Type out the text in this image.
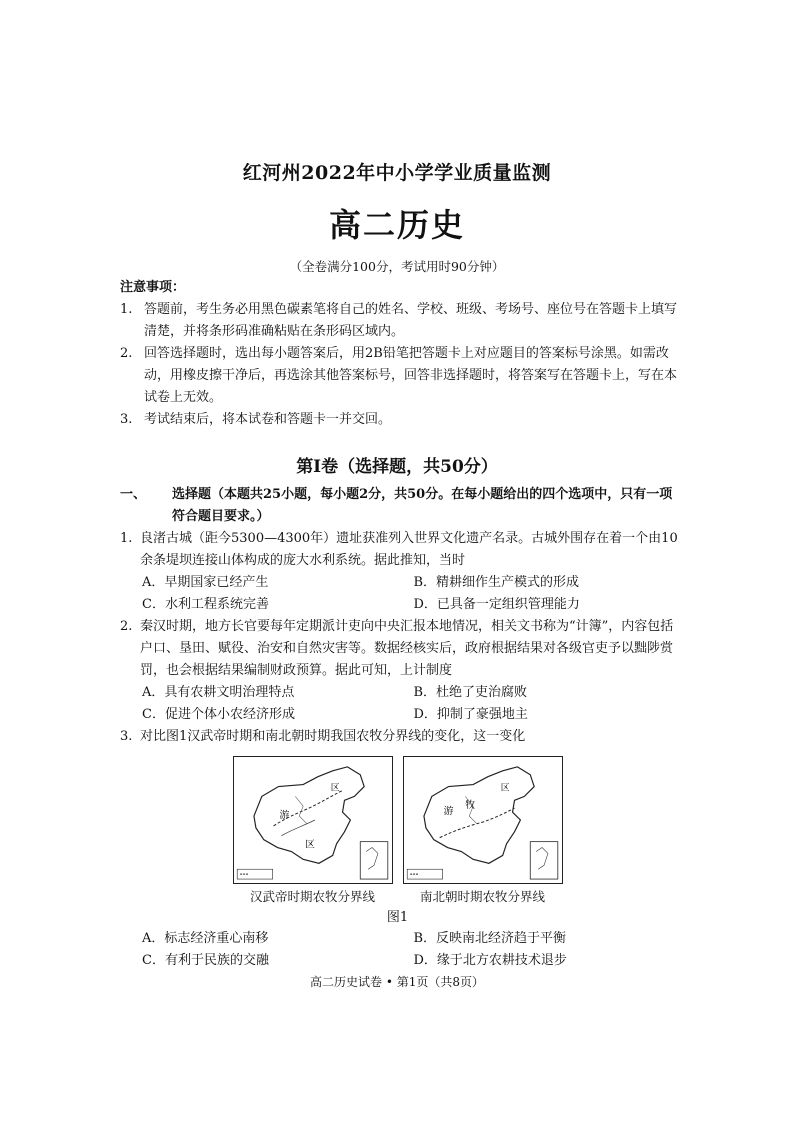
红河州2022年中小学学业质量监测
高二历史
（全卷满分100分，考试用时90分钟）
注意事项：
1. 答题前，考生务必用黑色碳素笔将自己的姓名、学校、班级、考场号、座位号在答题卡上填写清楚，并将条形码准确粘贴在条形码区域内。
2. 回答选择题时，选出每小题答案后，用2B铅笔把答题卡上对应题目的答案标号涂黑。如需改动，用橡皮擦干净后，再选涂其他答案标号，回答非选择题时，将答案写在答题卡上，写在本试卷上无效。
3. 考试结束后，将本试卷和答题卡一并交回。
第Ⅰ卷（选择题，共50分）
一、 选择题（本题共25小题，每小题2分，共50分。在每小题给出的四个选项中，只有一项符合题目要求。）
1. 良渚古城（距今5300—4300年）遗址获准列入世界文化遗产名录。古城外围存在着一个由10余条堤坝连接山体构成的庞大水利系统。据此推知，当时
A．早期国家已经产生	B．精耕细作生产模式的形成
C．水利工程系统完善	D．已具备一定组织管理能力
2. 秦汉时期，地方长官要每年定期派计吏向中央汇报本地情况，相关文书称为“计簿”，内容包括户口、垦田、赋役、治安和自然灾害等。数据经核实后，政府根据结果对各级官吏予以黜陟赏罚，也会根据结果编制财政预算。据此可知，上计制度
A．具有农耕文明治理特点	B．杜绝了吏治腐败
C．促进个体小农经济形成	D．抑制了豪强地主
3. 对比图1汉武帝时期和南北朝时期我国农牧分界线的变化，这一变化
游
区
区
汉武帝时期农牧分界线
游
牧
区
南北朝时期农牧分界线
图1
A．标志经济重心南移	B．反映南北经济趋于平衡
C．有利于民族的交融	D．缘于北方农耕技术退步
高二历史试卷 • 第1页（共8页）
